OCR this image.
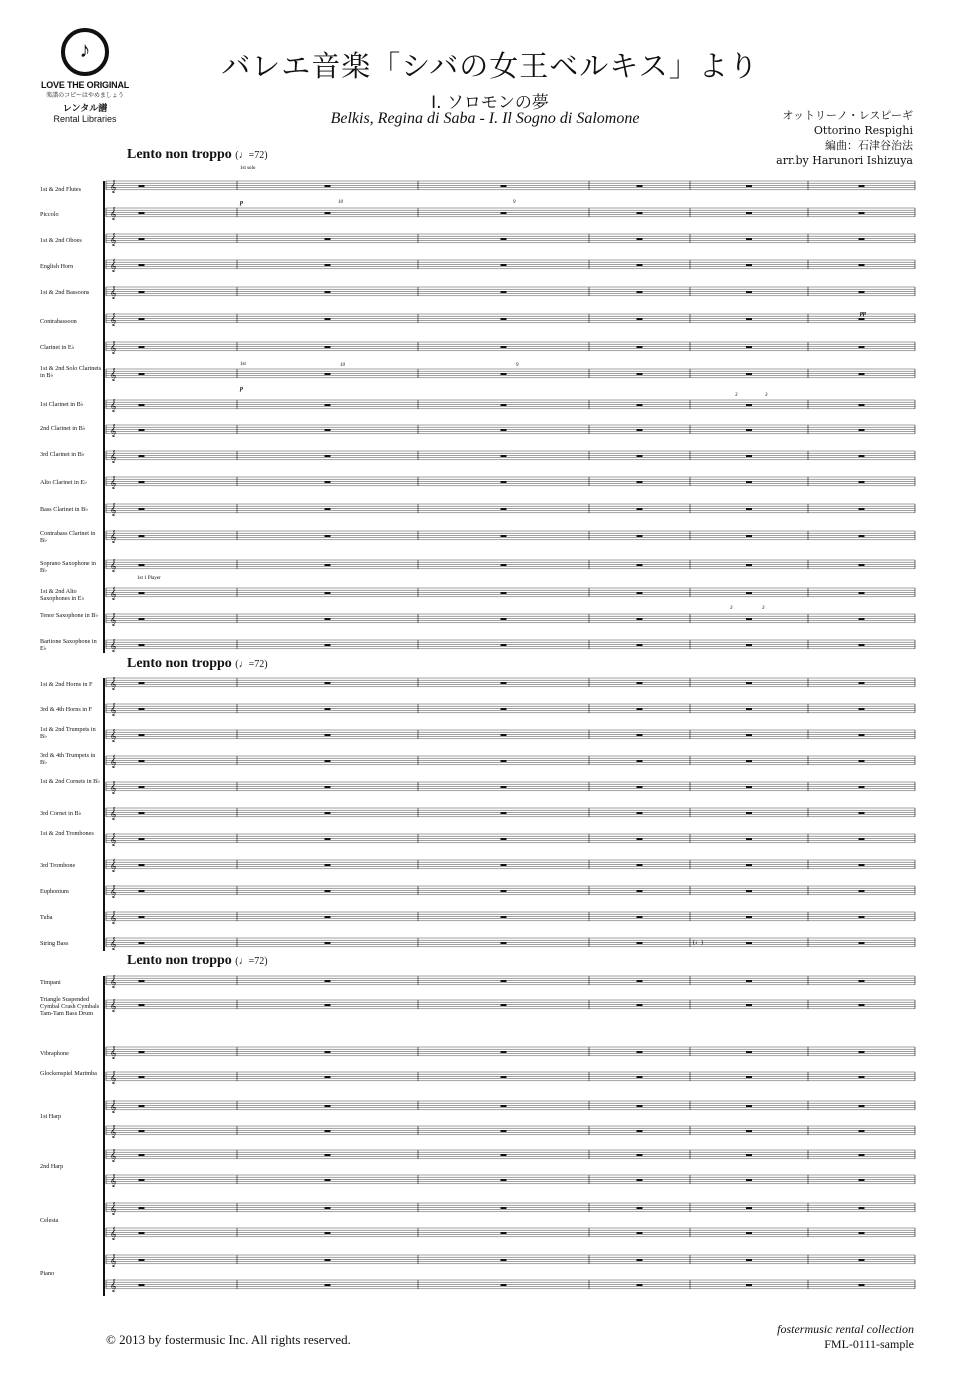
♪
LOVE THE ORIGINAL
楽譜のコピーはやめましょう
レンタル譜
Rental Libraries
バレエ音楽「シバの女王ベルキス」より
I. ソロモンの夢
Belkis, Regina di Saba - I. Il Sogno di Salomone	オットリーノ・レスピーギ
Ottorino Respighi
編曲：石津谷治法
arr.by Harunori Ishizuya
Lento non troppo (♩=72)
Lento non troppo (♩=72)
Lento non troppo (♩=72)
1st & 2nd Flutes
Piccolo
1st & 2nd Oboes
English Horn
1st & 2nd Bassoons
Contrabassoon
Clarinet in E♭
1st & 2nd Solo Clarinets in B♭
1st Clarinet in B♭
2nd Clarinet in B♭
3rd Clarinet in B♭
Alto Clarinet in E♭
Bass Clarinet in B♭
Contrabass Clarinet in B♭
Soprano Saxophone in B♭
1st & 2nd Alto Saxophones in E♭
Tenor Saxophone in B♭
Baritone Saxophone in E♭
1st & 2nd Horns in F
3rd & 4th Horns in F
1st & 2nd Trumpets in B♭
3rd & 4th Trumpets in B♭
1st & 2nd Cornets in B♭
3rd Cornet in B♭
1st & 2nd Trombones
3rd Trombone
Euphonium
Tuba
String Bass
Timpani
Triangle Suspended Cymbal Crash Cymbals Tam-Tam Bass Drum
Vibraphone
Glockenspiel Marimba
1st Harp
2nd Harp
Celesta
Piano
𝄞
𝄞
𝄞
𝄞
𝄞
𝄞
𝄞
𝄞
𝄞
𝄞
𝄞
𝄞
𝄞
𝄞
𝄞
𝄞
𝄞
𝄞
𝄞
𝄞
𝄞
𝄞
𝄞
𝄞
𝄞
𝄞
𝄞
𝄞
𝄞
𝄞
𝄞
𝄞
𝄞
𝄞
𝄞
𝄞
𝄞
𝄞
𝄞
𝄞
𝄞
1st solo
1st
1st 1 Player
p
p
10	9
10	9
3	3
3	3
pp
(♩)
© 2013 by fostermusic Inc. All rights reserved.
fostermusic rental collection
FML-0111-sample
